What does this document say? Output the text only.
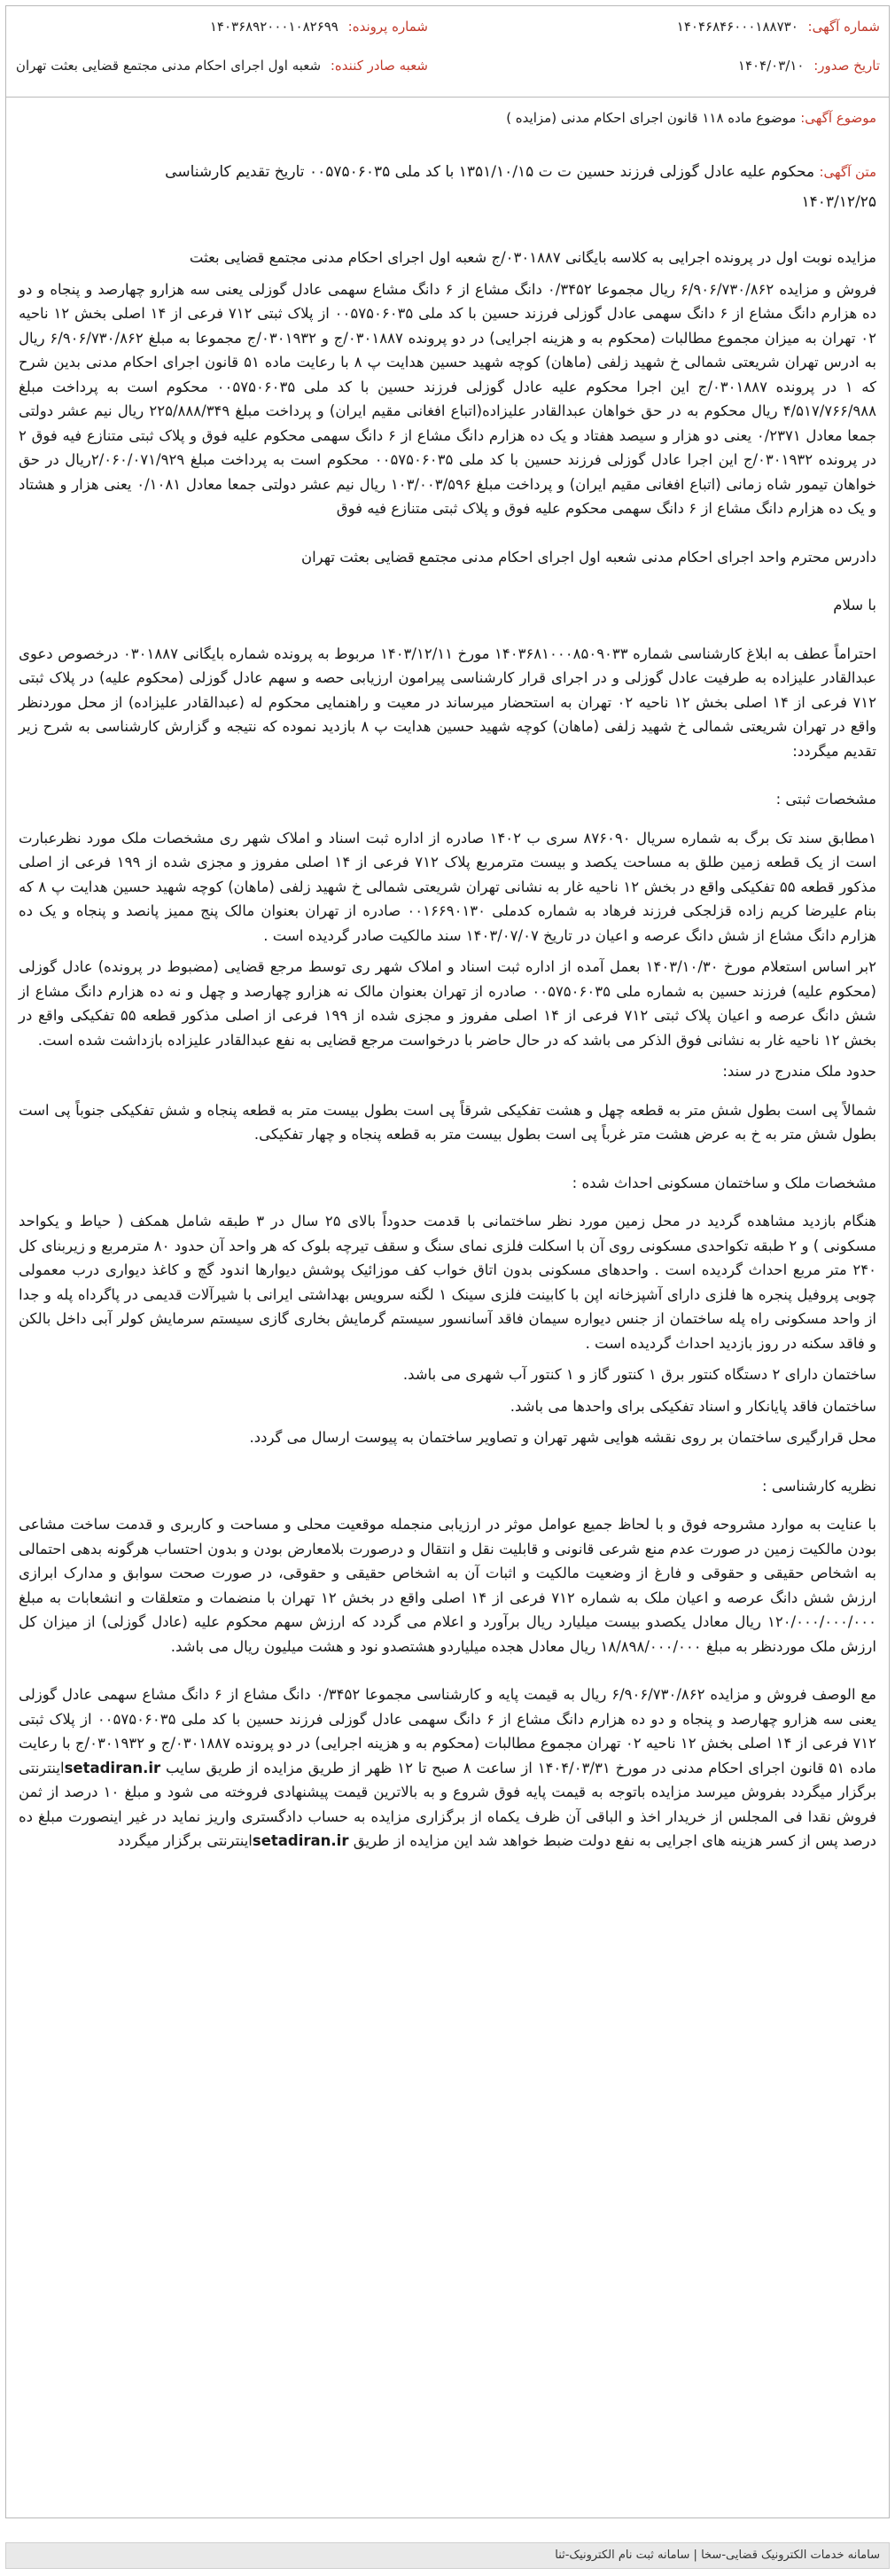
شماره آگهی: ۱۴۰۴۶۸۴۶۰۰۰۱۸۸۷۳۰
شماره پرونده: ۱۴۰۳۶۸۹۲۰۰۰۱۰۸۲۶۹۹
تاریخ صدور: ۱۴۰۴/۰۳/۱۰
شعبه صادر کننده: شعبه اول اجرای احکام مدنی مجتمع قضایی بعثت تهران
موضوع آگهی: موضوع ماده ۱۱۸ قانون اجرای احکام مدنی (مزایده )
متن آگهی: محکوم علیه عادل گوزلی فرزند حسین ت ت ۱۳۵۱/۱۰/۱۵ با کد ملی ۰۰۵۷۵۰۶۰۳۵ تاریخ تقدیم کارشناسی
۱۴۰۳/۱۲/۲۵

مزایده نوبت اول در پرونده اجرایی به کلاسه بایگانی ۰۳۰۱۸۸۷/ج شعبه اول اجرای احکام مدنی مجتمع قضایی بعثت

فروش و مزایده ۶/۹۰۶/۷۳۰/۸۶۲ ریال مجموعا ۰/۳۴۵۲ دانگ مشاع از ۶ دانگ مشاع سهمی عادل گوزلی یعنی سه هزارو چهارصد و پنجاه و دو ده هزارم دانگ مشاع از ۶ دانگ سهمی عادل گوزلی فرزند حسین با کد ملی ۰۰۵۷۵۰۶۰۳۵ از پلاک ثبتی ۷۱۲ فرعی از ۱۴ اصلی بخش ۱۲ ناحیه ۰۲ تهران به میزان مجموع مطالبات (محکوم به و هزینه اجرایی) در دو پرونده ۰۳۰۱۸۸۷/ج و ۰۳۰۱۹۳۲/ج مجموعا به مبلغ ۶/۹۰۶/۷۳۰/۸۶۲ ریال به ادرس تهران شریعتی شمالی خ شهید زلفی (ماهان) کوچه شهید حسین هدایت پ ۸ با رعایت ماده ۵۱ قانون اجرای احکام مدنی بدین شرح که ۱ در پرونده ۰۳۰۱۸۸۷/ج این اجرا محکوم علیه عادل گوزلی فرزند حسین با کد ملی ۰۰۵۷۵۰۶۰۳۵ محکوم است به پرداخت مبلغ ۴/۵۱۷/۷۶۶/۹۸۸ ریال محکوم به در حق خواهان عبدالقادر علیزاده(اتباع افغانی مقیم ایران) و پرداخت مبلغ ۲۲۵/۸۸۸/۳۴۹ ریال نیم عشر دولتی جمعا معادل ۰/۲۳۷۱ یعنی دو هزار و سیصد هفتاد و یک ده هزارم دانگ مشاع از ۶ دانگ سهمی محکوم علیه فوق و پلاک ثبتی متنازع فیه فوق ۲ در پرونده ۰۳۰۱۹۳۲/ج این اجرا عادل گوزلی فرزند حسین با کد ملی ۰۰۵۷۵۰۶۰۳۵ محکوم است به پرداخت مبلغ ۲/۰۶۰/۰۷۱/۹۲۹ریال در حق خواهان تیمور شاه زمانی (اتباع افغانی مقیم ایران) و پرداخت مبلغ ۱۰۳/۰۰۳/۵۹۶ ریال نیم عشر دولتی جمعا معادل ۰/۱۰۸۱ یعنی هزار و هشتاد و یک ده هزارم دانگ مشاع از ۶ دانگ سهمی محکوم علیه فوق و پلاک ثبتی متنازع فیه فوق

دادرس محترم واحد اجرای احکام مدنی شعبه اول اجرای احکام مدنی مجتمع قضایی بعثت تهران

با سلام

احتراماً عطف به ابلاغ کارشناسی شماره ۱۴۰۳۶۸۱۰۰۰۸۵۰۹۰۳۳ مورخ ۱۴۰۳/۱۲/۱۱ مربوط به پرونده شماره بایگانی ۰۳۰۱۸۸۷ درخصوص دعوی عبدالقادر علیزاده به طرفیت عادل گوزلی و در اجرای قرار کارشناسی پیرامون ارزیابی حصه و سهم عادل گوزلی (محکوم علیه) در پلاک ثبتی ۷۱۲ فرعی از ۱۴ اصلی بخش ۱۲ ناحیه ۰۲ تهران به استحضار میرساند در معیت و راهنمایی محکوم له (عبدالقادر علیزاده) از محل موردنظر واقع در تهران شریعتی شمالی خ شهید زلفی (ماهان) کوچه شهید حسین هدایت پ ۸ بازدید نموده که نتیجه و گزارش کارشناسی به شرح زیر تقدیم میگردد:

مشخصات ثبتی :

۱مطابق سند تک برگ به شماره سریال ۸۷۶۰۹۰ سری ب ۱۴۰۲ صادره از اداره ثبت اسناد و املاک شهر ری مشخصات ملک مورد نظرعبارت است از یک قطعه زمین طلق به مساحت یکصد و بیست مترمربع پلاک ۷۱۲ فرعی از ۱۴ اصلی مفروز و مجزی شده از ۱۹۹ فرعی از اصلی مذکور قطعه ۵۵ تفکیکی واقع در بخش ۱۲ ناحیه غار به نشانی تهران شریعتی شمالی خ شهید زلفی (ماهان) کوچه شهید حسین هدایت پ ۸ که بنام علیرضا کریم زاده قزلجکی فرزند فرهاد به شماره کدملی ۰۰۱۶۶۹۰۱۳۰ صادره از تهران بعنوان مالک پنج ممیز پانصد و پنجاه و یک ده هزارم دانگ مشاع از شش دانگ عرصه و اعیان در تاریخ ۱۴۰۳/۰۷/۰۷ سند مالکیت صادر گردیده است .

۲بر اساس استعلام مورخ ۱۴۰۳/۱۰/۳۰ بعمل آمده از اداره ثبت اسناد و املاک شهر ری توسط مرجع قضایی (مضبوط در پرونده) عادل گوزلی (محکوم علیه) فرزند حسین به شماره ملی ۰۰۵۷۵۰۶۰۳۵ صادره از تهران بعنوان مالک نه هزارو چهارصد و چهل و نه ده هزارم دانگ مشاع از شش دانگ عرصه و اعیان پلاک ثبتی ۷۱۲ فرعی از ۱۴ اصلی مفروز و مجزی شده از ۱۹۹ فرعی از اصلی مذکور قطعه ۵۵ تفکیکی واقع در بخش ۱۲ ناحیه غار به نشانی فوق الذکر می باشد که در حال حاضر با درخواست مرجع قضایی به نفع عبدالقادر علیزاده بازداشت شده است.

حدود ملک مندرج در سند:

شمالاً پی است بطول شش متر به قطعه چهل و هشت تفکیکی شرقاً پی است بطول بیست متر به قطعه پنجاه و شش تفکیکی جنوباً پی است بطول شش متر به خ به عرض هشت متر غرباً پی است بطول بیست متر به قطعه پنجاه و چهار تفکیکی.

مشخصات ملک و ساختمان مسکونی احداث شده :

هنگام بازدید مشاهده گردید در محل زمین مورد نظر ساختمانی با قدمت حدوداً بالای ۲۵ سال در ۳ طبقه شامل همکف ( حیاط و یکواحد مسکونی ) و ۲ طبقه تکواحدی مسکونی روی آن با اسکلت فلزی نمای سنگ و سقف تیرچه بلوک که هر واحد آن حدود ۸۰ مترمربع و زیربنای کل ۲۴۰ متر مربع احداث گردیده است . واحدهای مسکونی بدون اتاق خواب کف موزائیک پوشش دیوارها اندود گچ و کاغذ دیواری درب معمولی چوبی پروفیل پنجره ها فلزی دارای آشپزخانه اپن با کابینت فلزی سینک ۱ لگنه سرویس بهداشتی ایرانی با شیرآلات قدیمی در پاگرداه پله و جدا از واحد مسکونی راه پله ساختمان از جنس دیواره سیمان فاقد آسانسور سیستم گرمایش بخاری گازی سیستم سرمایش کولر آبی داخل بالکن و فاقد سکنه در روز بازدید احداث گردیده است .

ساختمان دارای ۲ دستگاه کنتور برق ۱ کنتور گاز و ۱ کنتور آب شهری می باشد.

ساختمان فاقد پایانکار و اسناد تفکیکی برای واحدها می باشد.

محل قرارگیری ساختمان بر روی نقشه هوایی شهر تهران و تصاویر ساختمان به پیوست ارسال می گردد.

نظریه کارشناسی :

با عنایت به موارد مشروحه فوق و با لحاظ جمیع عوامل موثر در ارزیابی منجمله موقعیت محلی و مساحت و کاربری و قدمت ساخت مشاعی بودن مالکیت زمین در صورت عدم منع شرعی قانونی و قابلیت نقل و انتقال و درصورت بلامعارض بودن و بدون احتساب هرگونه بدهی احتمالی به اشخاص حقیقی و حقوقی و فارغ از وضعیت مالکیت و اثبات آن به اشخاص حقیقی و حقوقی، در صورت صحت سوابق و مدارک ابرازی ارزش شش دانگ عرصه و اعیان ملک به شماره ۷۱۲ فرعی از ۱۴ اصلی واقع در بخش ۱۲ تهران با منضمات و متعلقات و انشعابات به مبلغ ۱۲۰/۰۰۰/۰۰۰/۰۰۰ ریال معادل یکصدو بیست میلیارد ریال برآورد و اعلام می گردد که ارزش سهم محکوم علیه (عادل گوزلی) از میزان کل ارزش ملک موردنظر به مبلغ ۱۸/۸۹۸/۰۰۰/۰۰۰ ریال معادل هجده میلیاردو هشتصدو نود و هشت میلیون ریال می باشد.

مع الوصف فروش و مزایده ۶/۹۰۶/۷۳۰/۸۶۲ ریال به قیمت پایه و کارشناسی مجموعا ۰/۳۴۵۲ دانگ مشاع از ۶ دانگ مشاع سهمی عادل گوزلی یعنی سه هزارو چهارصد و پنجاه و دو ده هزارم دانگ مشاع از ۶ دانگ سهمی عادل گوزلی فرزند حسین با کد ملی ۰۰۵۷۵۰۶۰۳۵ از پلاک ثبتی ۷۱۲ فرعی از ۱۴ اصلی بخش ۱۲ ناحیه ۰۲ تهران مجموع مطالبات (محکوم به و هزینه اجرایی) در دو پرونده ۰۳۰۱۸۸۷/ج و ۰۳۰۱۹۳۲/ج با رعایت ماده ۵۱ قانون اجرای احکام مدنی در مورخ ۱۴۰۴/۰۳/۳۱ از ساعت ۸ صبح تا ۱۲ ظهر از طریق مزایده از طریق سایب setadiran.irاینترنتی برگزار میگردد بفروش میرسد مزایده باتوجه به قیمت پایه فوق شروع و به بالاترین قیمت پیشنهادی فروخته می شود و مبلغ ۱۰ درصد از ثمن فروش نقدا فی المجلس از خریدار اخذ و الباقی آن ظرف یکماه از برگزاری مزایده به حساب دادگستری واریز نماید در غیر اینصورت مبلغ ده درصد پس از کسر هزینه های اجرایی به نفع دولت ضبط خواهد شد این مزایده از طریق setadiran.irاینترنتی برگزار میگردد

سامانه خدمات الکترونیک قضایی-سخا | سامانه ثبت نام الکترونیک-ثنا
